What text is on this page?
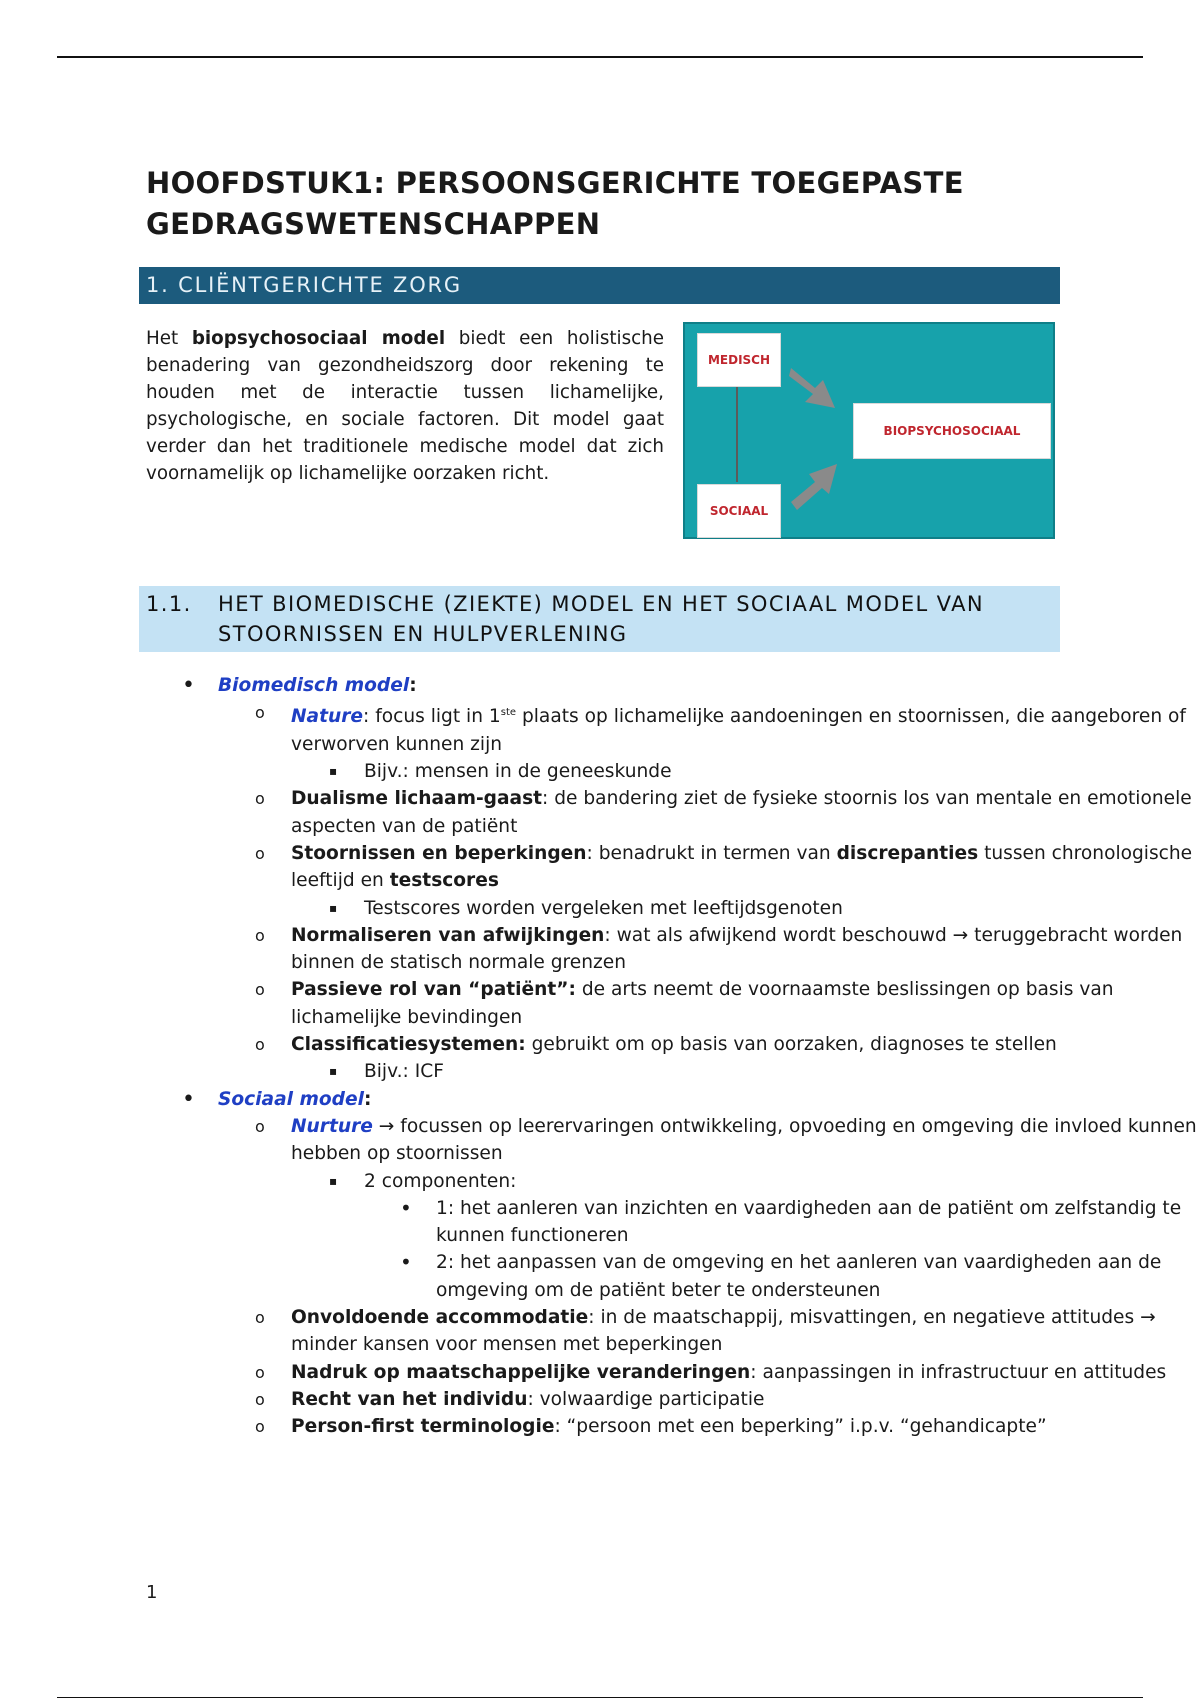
HOOFDSTUK1: PERSOONSGERICHTE TOEGEPASTE GEDRAGSWETENSCHAPPEN
1. CLIËNTGERICHTE ZORG

Het biopsychosociaal model biedt een holistische benadering van gezondheidszorg door rekening te houden met de interactie tussen lichamelijke, psychologische, en sociale factoren. Dit model gaat verder dan het traditionele medische model dat zich voornamelijk op lichamelijke oorzaken richt.

MEDISCH
SOCIAAL
BIOPSYCHOSOCIAAL
1.1. HET BIOMEDISCHE (ZIEKTE) MODEL EN HET SOCIAAL MODEL VAN STOORNISSEN EN HULPVERLENING
• Biomedisch model:
o Nature: focus ligt in 1ste plaats op lichamelijke aandoeningen en stoornissen, die aangeboren of verworven kunnen zijn
▪ Bijv.: mensen in de geneeskunde
o Dualisme lichaam-gaast: de bandering ziet de fysieke stoornis los van mentale en emotionele aspecten van de patiënt
o Stoornissen en beperkingen: benadrukt in termen van discrepanties tussen chronologische leeftijd en testscores
▪ Testscores worden vergeleken met leeftijdsgenoten
o Normaliseren van afwijkingen: wat als afwijkend wordt beschouwd → teruggebracht worden binnen de statisch normale grenzen
o Passieve rol van “patiënt”: de arts neemt de voornaamste beslissingen op basis van lichamelijke bevindingen
o Classificatiesystemen: gebruikt om op basis van oorzaken, diagnoses te stellen
▪ Bijv.: ICF
• Sociaal model:
o Nurture → focussen op leerervaringen ontwikkeling, opvoeding en omgeving die invloed kunnen hebben op stoornissen
▪ 2 componenten:
• 1: het aanleren van inzichten en vaardigheden aan de patiënt om zelfstandig te kunnen functioneren
• 2: het aanpassen van de omgeving en het aanleren van vaardigheden aan de omgeving om de patiënt beter te ondersteunen
o Onvoldoende accommodatie: in de maatschappij, misvattingen, en negatieve attitudes → minder kansen voor mensen met beperkingen
o Nadruk op maatschappelijke veranderingen: aanpassingen in infrastructuur en attitudes
o Recht van het individu: volwaardige participatie
o Person-first terminologie: “persoon met een beperking” i.p.v. “gehandicapte”
1
